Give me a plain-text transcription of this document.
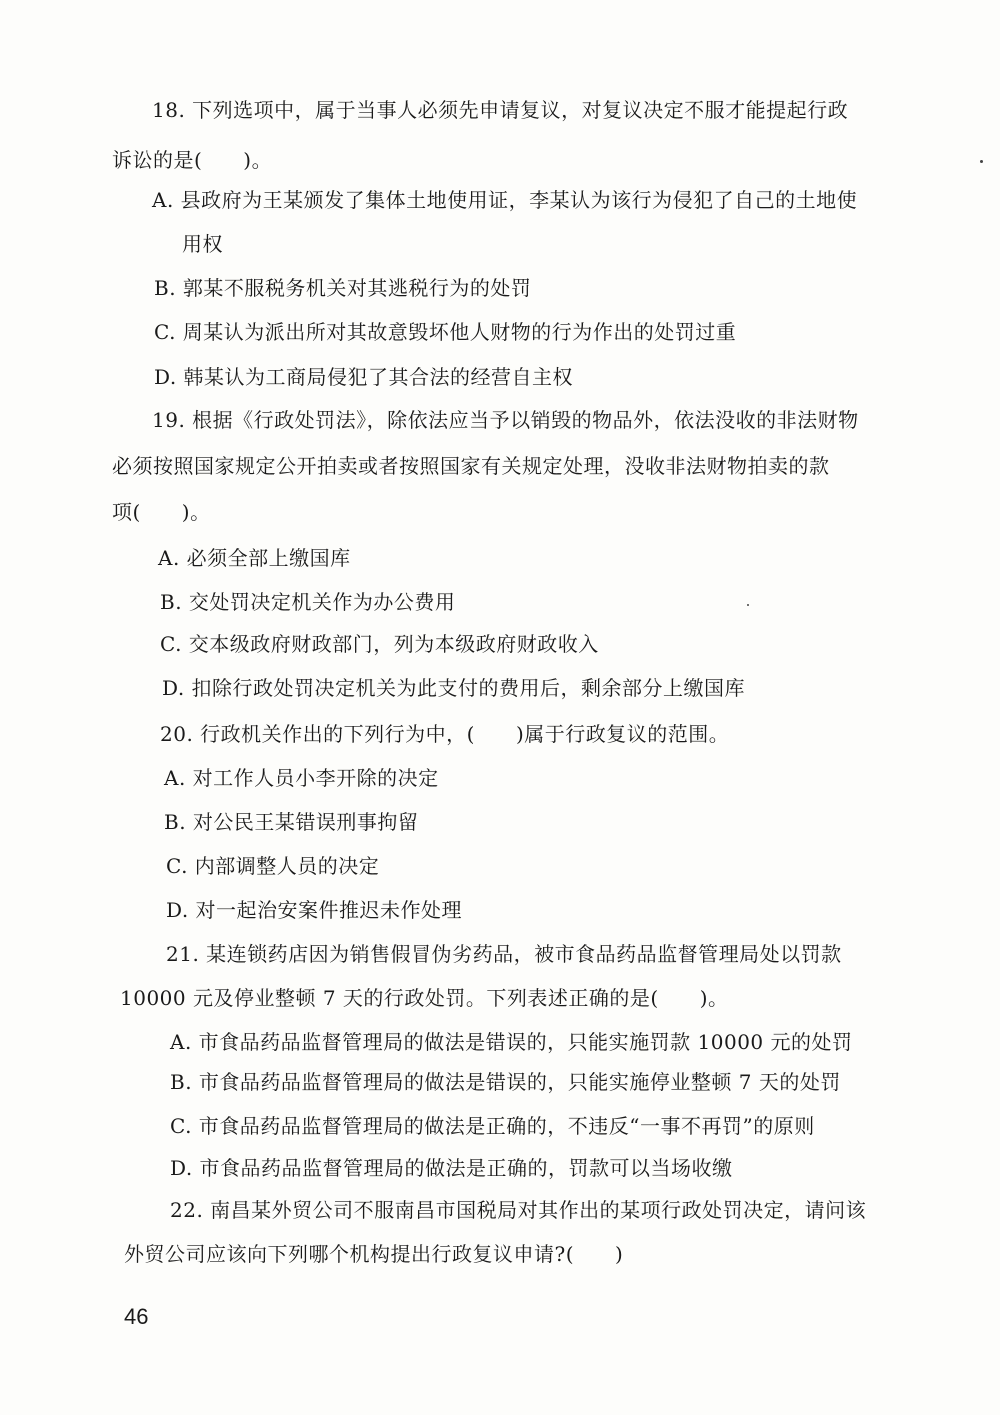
18. 下列选项中，属于当事人必须先申请复议，对复议决定不服才能提起行政
诉讼的是(　　)。
A. 县政府为王某颁发了集体土地使用证，李某认为该行为侵犯了自己的土地使
用权
B. 郭某不服税务机关对其逃税行为的处罚
C. 周某认为派出所对其故意毁坏他人财物的行为作出的处罚过重
D. 韩某认为工商局侵犯了其合法的经营自主权
19. 根据《行政处罚法》，除依法应当予以销毁的物品外，依法没收的非法财物
必须按照国家规定公开拍卖或者按照国家有关规定处理，没收非法财物拍卖的款
项(　　)。
A. 必须全部上缴国库
B. 交处罚决定机关作为办公费用
C. 交本级政府财政部门，列为本级政府财政收入
D. 扣除行政处罚决定机关为此支付的费用后，剩余部分上缴国库
20. 行政机关作出的下列行为中，(　　)属于行政复议的范围。
A. 对工作人员小李开除的决定
B. 对公民王某错误刑事拘留
C. 内部调整人员的决定
D. 对一起治安案件推迟未作处理
21. 某连锁药店因为销售假冒伪劣药品，被市食品药品监督管理局处以罚款
10000 元及停业整顿 7 天的行政处罚。下列表述正确的是(　　)。
A. 市食品药品监督管理局的做法是错误的，只能实施罚款 10000 元的处罚
B. 市食品药品监督管理局的做法是错误的，只能实施停业整顿 7 天的处罚
C. 市食品药品监督管理局的做法是正确的，不违反“一事不再罚”的原则
D. 市食品药品监督管理局的做法是正确的，罚款可以当场收缴
22. 南昌某外贸公司不服南昌市国税局对其作出的某项行政处罚决定，请问该
外贸公司应该向下列哪个机构提出行政复议申请?(　　)
46
